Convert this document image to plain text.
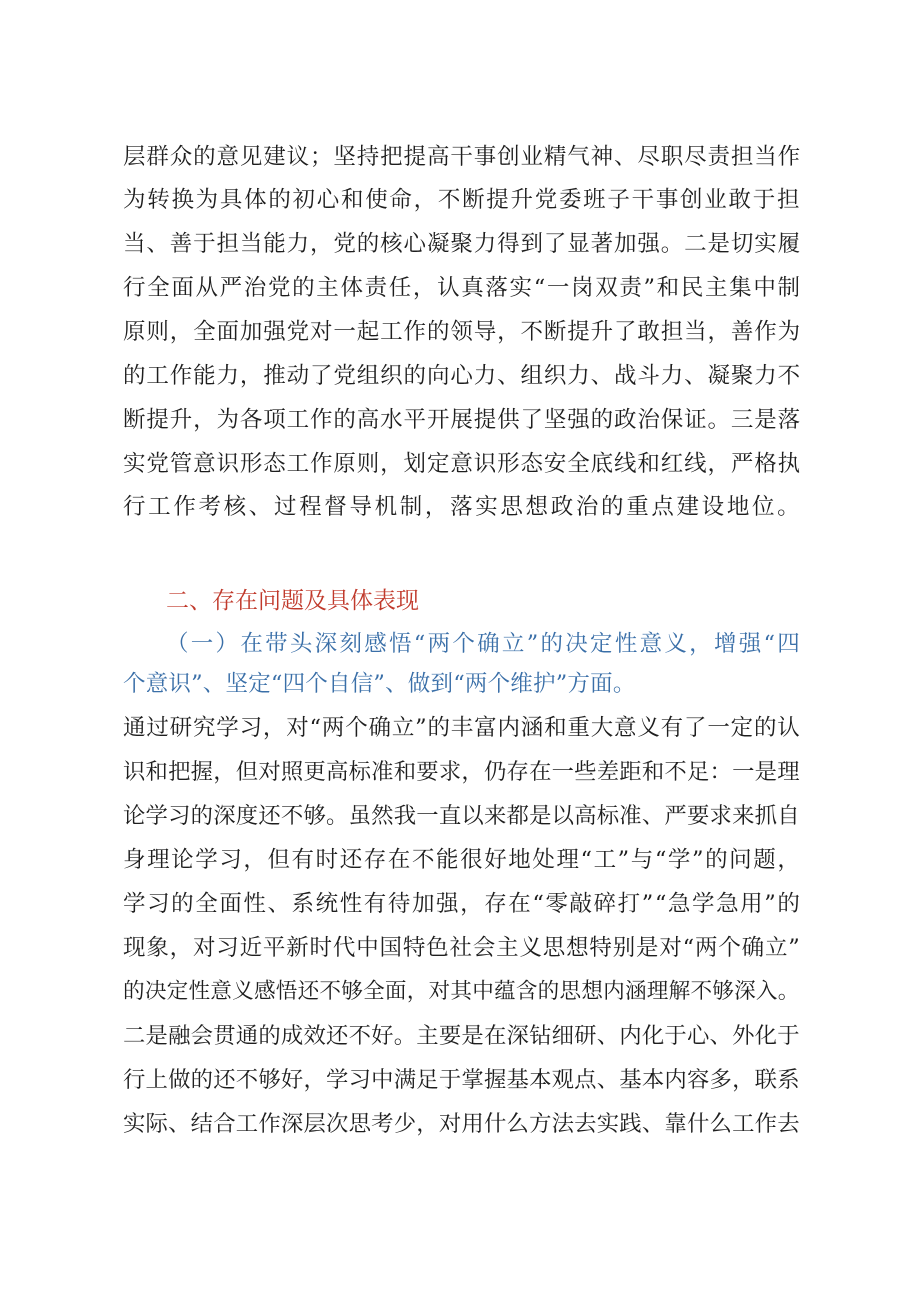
层群众的意见建议；坚持把提高干事创业精气神、尽职尽责担当作
为转换为具体的初心和使命，不断提升党委班子干事创业敢于担
当、善于担当能力，党的核心凝聚力得到了显著加强。二是切实履
行全面从严治党的主体责任，认真落实“一岗双责”和民主集中制
原则，全面加强党对一起工作的领导，不断提升了敢担当，善作为
的工作能力，推动了党组织的向心力、组织力、战斗力、凝聚力不
断提升，为各项工作的高水平开展提供了坚强的政治保证。三是落
实党管意识形态工作原则，划定意识形态安全底线和红线，严格执
行工作考核、过程督导机制，落实思想政治的重点建设地位。
二、存在问题及具体表现
（一）在带头深刻感悟“两个确立”的决定性意义，增强“四
个意识”、坚定“四个自信”、做到“两个维护”方面。
通过研究学习，对“两个确立”的丰富内涵和重大意义有了一定的认
识和把握，但对照更高标准和要求，仍存在一些差距和不足：一是理
论学习的深度还不够。虽然我一直以来都是以高标准、严要求来抓自
身理论学习，但有时还存在不能很好地处理“工”与“学”的问题，
学习的全面性、系统性有待加强，存在“零敲碎打”“急学急用”的
现象，对习近平新时代中国特色社会主义思想特别是对“两个确立”
的决定性意义感悟还不够全面，对其中蕴含的思想内涵理解不够深入。
二是融会贯通的成效还不好。主要是在深钻细研、内化于心、外化于
行上做的还不够好，学习中满足于掌握基本观点、基本内容多，联系
实际、结合工作深层次思考少，对用什么方法去实践、靠什么工作去
